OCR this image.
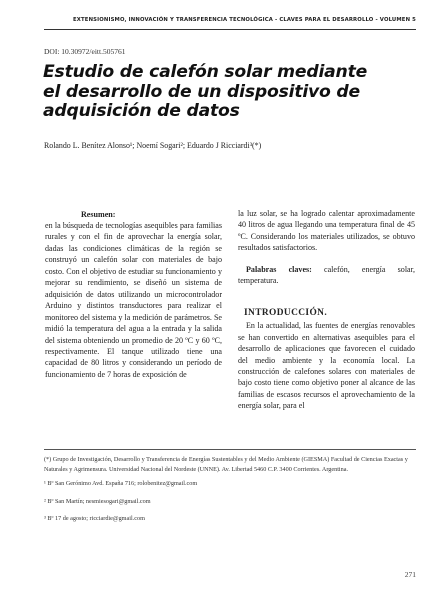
EXTENSIONISMO, INNOVACIÓN Y TRANSFERENCIA TECNOLÓGICA - CLAVES PARA EL DESARROLLO - VOLUMEN 5
DOI: 10.30972/eitt.505761
Estudio de calefón solar mediante
el desarrollo de un dispositivo de
adquisición de datos
Rolando L. Benítez Alonso¹; Noemí Sogari²; Eduardo J Ricciardi³(*)
Resumen:

en la búsqueda de tecnologías asequibles para familias rurales y con el fin de aprovechar la energía solar, dadas las condiciones climáticas de la región se construyó un calefón solar con materiales de bajo costo. Con el objetivo de estudiar su funcionamiento y mejorar su rendimiento, se diseñó un sistema de adquisición de datos utilizando un microcontrolador Arduino y distintos transductores para realizar el monitoreo del sistema y la medición de parámetros. Se midió la temperatura del agua a la entrada y la salida del sistema obteniendo un promedio de 20 ºC y 60 ºC, respectivamente. El tanque utilizado tiene una capacidad de 80 litros y considerando un período de funcionamiento de 7 horas de exposición de

la luz solar, se ha logrado calentar aproximadamente 40 litros de agua llegando una temperatura final de 45 ºC. Considerando los materiales utilizados, se obtuvo resultados satisfactorios.

Palabras claves: calefón, energía solar, temperatura.

INTRODUCCIÓN.

En la actualidad, las fuentes de energías renovables se han convertido en alternativas asequibles para el desarrollo de aplicaciones que favorecen el cuidado del medio ambiente y la economía local. La construcción de calefones solares con materiales de bajo costo tiene como objetivo poner al alcance de las familias de escasos recursos el aprovechamiento de la energía solar, para el

(*) Grupo de Investigación, Desarrollo y Transferencia de Energías Sustentables y del Medio Ambiente (GIESMA) Facultad de Ciencias Exactas y Naturales y Agrimensura. Universidad Nacional del Nordeste (UNNE). Av. Libertad 5460 C.P. 3400 Corrientes. Argentina.

¹ Bº San Gerónimo Avd. España 716; rolobenitez@gmail.com

² Bº San Martín; nesmiesogari@gmail.com

³ Bº 17 de agosto; ricciardie@gmail.com

271
